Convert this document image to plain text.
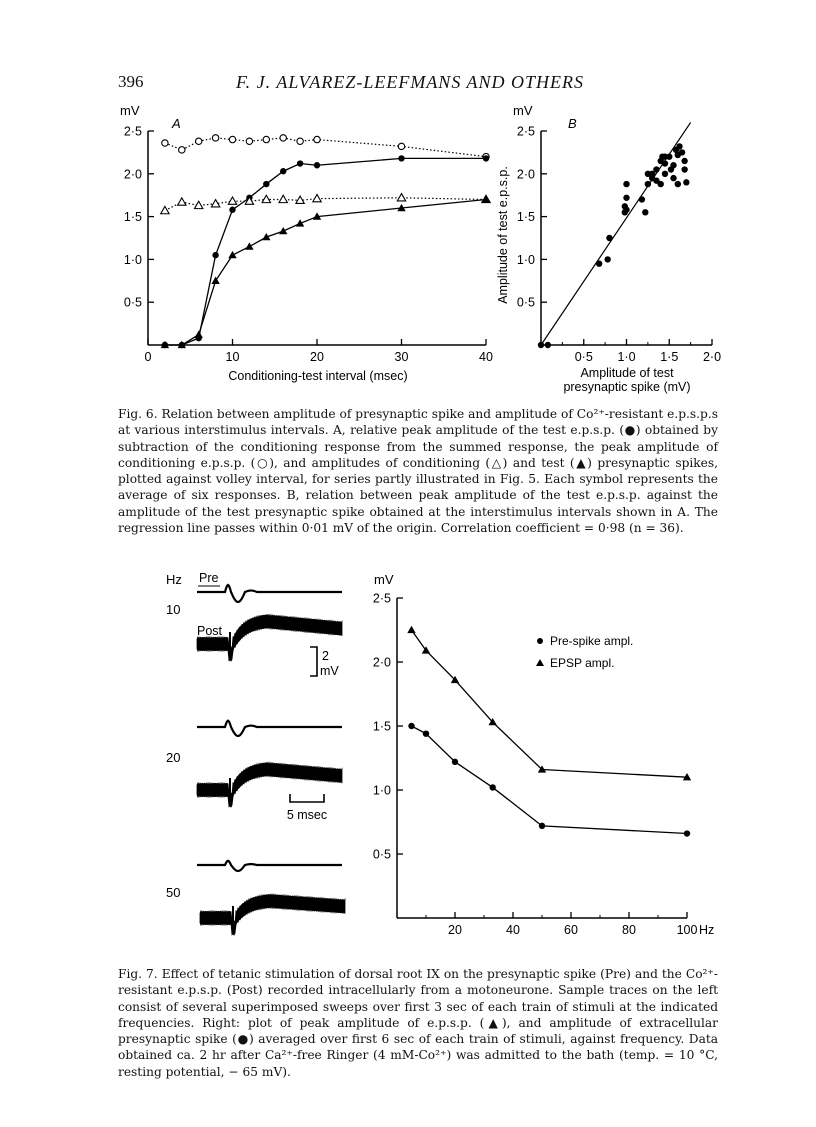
396	F. J. ALVAREZ-LEEFMANS AND OTHERS
mV
A
0·5
1·0
1·5
2·0
2·5
0	10	20	30	40
Conditioning-test interval (msec)
mV
B
Amplitude of test e.p.s.p. 0·5
1·0
1·5
2·0
2·5
0·5 1·0 1·5 2·0
Amplitude of test
presynaptic spike (mV)
Hz Pre
Post
10
20
50
2
mV
5 msec
mV
0·5
1·0
1·5
2·0
2·5
20	40	60	80	100 Hz
Pre-spike ampl.
EPSP ampl.
Fig. 6. Relation between amplitude of presynaptic spike and amplitude of Co²⁺-resistant e.p.s.p.s at various interstimulus intervals. A, relative peak amplitude of the test e.p.s.p. (●) obtained by subtraction of the conditioning response from the summed response, the peak amplitude of conditioning e.p.s.p. (○), and amplitudes of conditioning (△) and test (▲) presynaptic spikes, plotted against volley interval, for series partly illustrated in Fig. 5. Each symbol represents the average of six responses. B, relation between peak amplitude of the test e.p.s.p. against the amplitude of the test presynaptic spike obtained at the interstimulus intervals shown in A. The regression line passes within 0·01 mV of the origin. Correlation coefficient = 0·98 (n = 36).
Fig. 7. Effect of tetanic stimulation of dorsal root IX on the presynaptic spike (Pre) and the Co²⁺-resistant e.p.s.p. (Post) recorded intracellularly from a motoneurone. Sample traces on the left consist of several superimposed sweeps over first 3 sec of each train of stimuli at the indicated frequencies. Right: plot of peak amplitude of e.p.s.p. (▲), and amplitude of extracellular presynaptic spike (●) averaged over first 6 sec of each train of stimuli, against frequency. Data obtained ca. 2 hr after Ca²⁺-free Ringer (4 mM-Co²⁺) was admitted to the bath (temp. = 10 °C, resting potential, − 65 mV).
